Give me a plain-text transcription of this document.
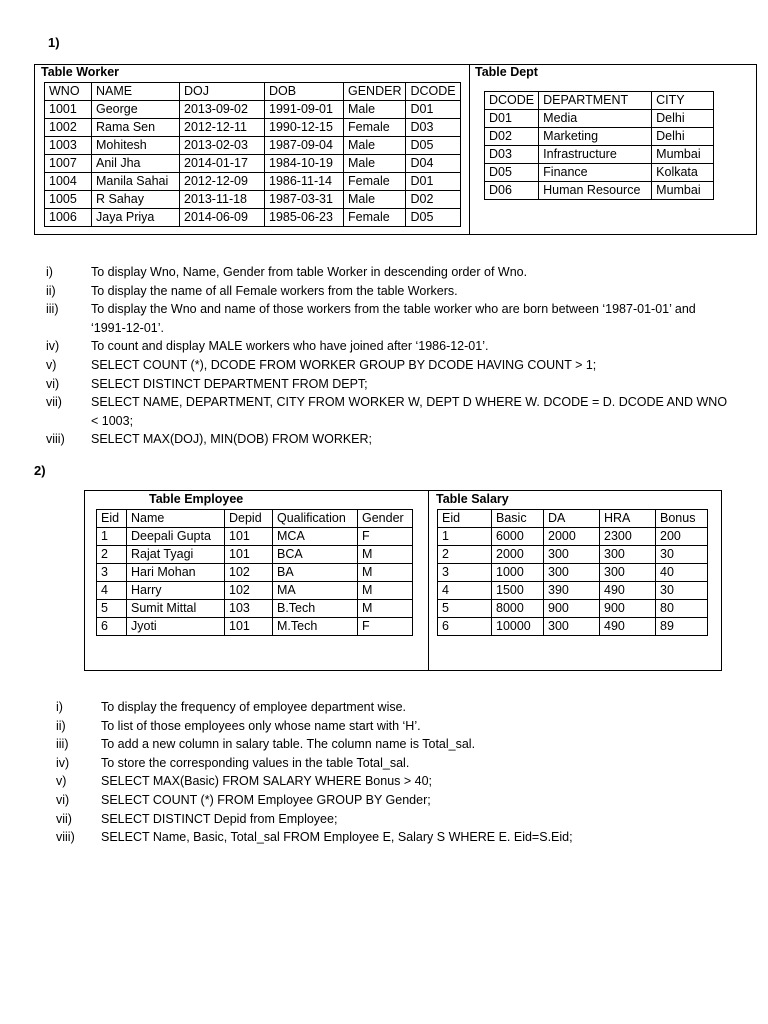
1)
Table Worker
WNO	NAME	DOJ	DOB	GENDER	DCODE
1001	George	2013-09-02	1991-09-01	Male	D01
1002	Rama Sen	2012-12-11	1990-12-15	Female	D03
1003	Mohitesh	2013-02-03	1987-09-04	Male	D05
1007	Anil Jha	2014-01-17	1984-10-19	Male	D04
1004	Manila Sahai	2012-12-09	1986-11-14	Female	D01
1005	R Sahay	2013-11-18	1987-03-31	Male	D02
1006	Jaya Priya	2014-06-09	1985-06-23	Female	D05
Table Dept
DCODE	DEPARTMENT	CITY
D01	Media	Delhi
D02	Marketing	Delhi
D03	Infrastructure	Mumbai
D05	Finance	Kolkata
D06	Human Resource	Mumbai
i)	To display Wno, Name, Gender from table Worker in descending order of Wno.
ii)	To display the name of all Female workers from the table Workers.
iii)	To display the Wno and name of those workers from the table worker who are born between ‘1987-01-01’ and
‘1991-12-01’.
iv)	To count and display MALE workers who have joined after ‘1986-12-01’.
v)	SELECT COUNT (*), DCODE FROM WORKER GROUP BY DCODE HAVING COUNT > 1;
vi)	SELECT DISTINCT DEPARTMENT FROM DEPT;
vii)	SELECT NAME, DEPARTMENT, CITY FROM WORKER W, DEPT D WHERE W. DCODE = D. DCODE AND WNO < 1003;
viii)	SELECT MAX(DOJ), MIN(DOB) FROM WORKER;
2)
Table Employee
Eid	Name	Depid	Qualification	Gender
1	Deepali Gupta	101	MCA	F
2	Rajat Tyagi	101	BCA	M
3	Hari Mohan	102	BA	M
4	Harry	102	MA	M
5	Sumit Mittal	103	B.Tech	M
6	Jyoti	101	M.Tech	F
Table Salary
Eid	Basic	DA	HRA	Bonus
1	6000	2000	2300	200
2	2000	300	300	30
3	1000	300	300	40
4	1500	390	490	30
5	8000	900	900	80
6	10000	300	490	89
i)	To display the frequency of employee department wise.
ii)	To list of those employees only whose name start with ‘H’.
iii)	To add a new column in salary table. The column name is Total_sal.
iv)	To store the corresponding values in the table Total_sal.
v)	SELECT MAX(Basic) FROM SALARY WHERE Bonus > 40;
vi)	SELECT COUNT (*) FROM Employee GROUP BY Gender;
vii)	SELECT DISTINCT Depid from Employee;
viii)	SELECT Name, Basic, Total_sal FROM Employee E, Salary S WHERE E. Eid=S.Eid;
